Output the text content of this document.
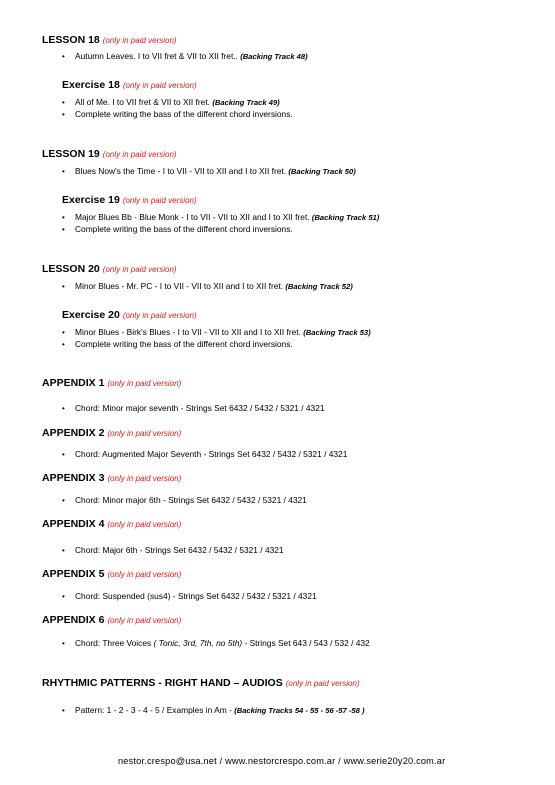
LESSON 18 (only in paid version)
• Autumn Leaves. I to VII fret & VII to XII fret.. (Backing Track 48)
Exercise 18 (only in paid version)
• All of Me. I to VII fret & VII to XII fret. (Backing Track 49)
• Complete writing the bass of the different chord inversions.
LESSON 19 (only in paid version)
• Blues Now's the Time - I to VII - VII to XII and I to XII fret. (Backing Track 50)
Exercise 19 (only in paid version)
• Major Blues Bb - Blue Monk - I to VII - VII to XII and I to XII fret. (Backing Track 51)
• Complete writing the bass of the different chord inversions.
LESSON 20 (only in paid version)
• Minor Blues - Mr. PC - I to VII - VII to XII and I to XII fret. (Backing Track 52)
Exercise 20 (only in paid version)
• Minor Blues - Birk's Blues - I to VII - VII to XII and I to XII fret. (Backing Track 53)
• Complete writing the bass of the different chord inversions.
APPENDIX 1 (only in paid version)
• Chord: Minor major seventh - Strings Set 6432 / 5432 / 5321 / 4321
APPENDIX 2 (only in paid version)
• Chord: Augmented Major Seventh - Strings Set 6432 / 5432 / 5321 / 4321
APPENDIX 3 (only in paid version)
• Chord: Minor major 6th - Strings Set 6432 / 5432 / 5321 / 4321
APPENDIX 4 (only in paid version)
• Chord: Major 6th - Strings Set 6432 / 5432 / 5321 / 4321
APPENDIX 5 (only in paid version)
• Chord: Suspended (sus4) - Strings Set 6432 / 5432 / 5321 / 4321
APPENDIX 6 (only in paid version)
• Chord: Three Voices ( Tonic, 3rd, 7th, no 5th) - Strings Set 643 / 543 / 532 / 432
RHYTHMIC PATTERNS - RIGHT HAND – AUDIOS (only in paid version)
• Pattern: 1 - 2 - 3 - 4 - 5 / Examples in Am - (Backing Tracks 54 - 55 - 56 -57 -58 )
nestor.crespo@usa.net / www.nestorcrespo.com.ar / www.serie20y20.com.ar
